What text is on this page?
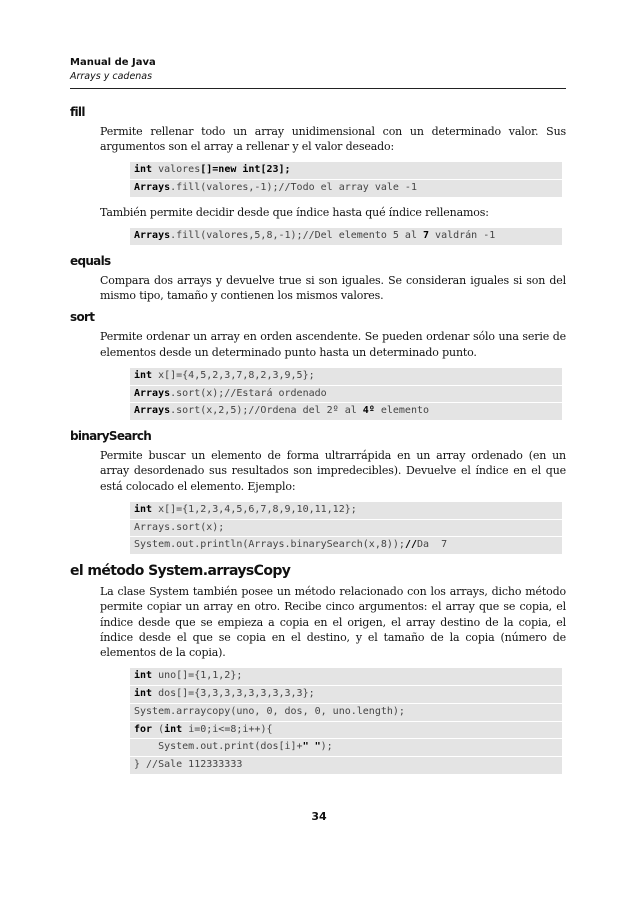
Manual de Java
Arrays y cadenas
fill

Permite rellenar todo un array unidimensional con un determinado valor. Sus argumentos son el array a rellenar y el valor deseado:

int valores[]=new int[23];
Arrays.fill(valores,-1);//Todo el array vale -1

También permite decidir desde que índice hasta qué índice rellenamos:

Arrays.fill(valores,5,8,-1);//Del elemento 5 al 7 valdrán -1
equals

Compara dos arrays y devuelve true si son iguales. Se consideran iguales si son del mismo tipo, tamaño y contienen los mismos valores.

sort

Permite ordenar un array en orden ascendente. Se pueden ordenar sólo una serie de elementos desde un determinado punto hasta un determinado punto.

int x[]={4,5,2,3,7,8,2,3,9,5};
Arrays.sort(x);//Estará ordenado
Arrays.sort(x,2,5);//Ordena del 2º al 4º elemento
binarySearch

Permite buscar un elemento de forma ultrarrápida en un array ordenado (en un array desordenado sus resultados son impredecibles). Devuelve el índice en el que está colocado el elemento. Ejemplo:

int x[]={1,2,3,4,5,6,7,8,9,10,11,12};
Arrays.sort(x);
System.out.println(Arrays.binarySearch(x,8));//Da  7
el método System.arraysCopy

La clase System también posee un método relacionado con los arrays, dicho método permite copiar un array en otro. Recibe cinco argumentos: el array que se copia, el índice desde que se empieza a copia en el origen, el array destino de la copia, el índice desde el que se copia en el destino, y el tamaño de la copia (número de elementos de la copia).

int uno[]={1,1,2};
int dos[]={3,3,3,3,3,3,3,3,3};
System.arraycopy(uno, 0, dos, 0, uno.length);
for (int i=0;i<=8;i++){
System.out.print(dos[i]+" ");
} //Sale 112333333
34
